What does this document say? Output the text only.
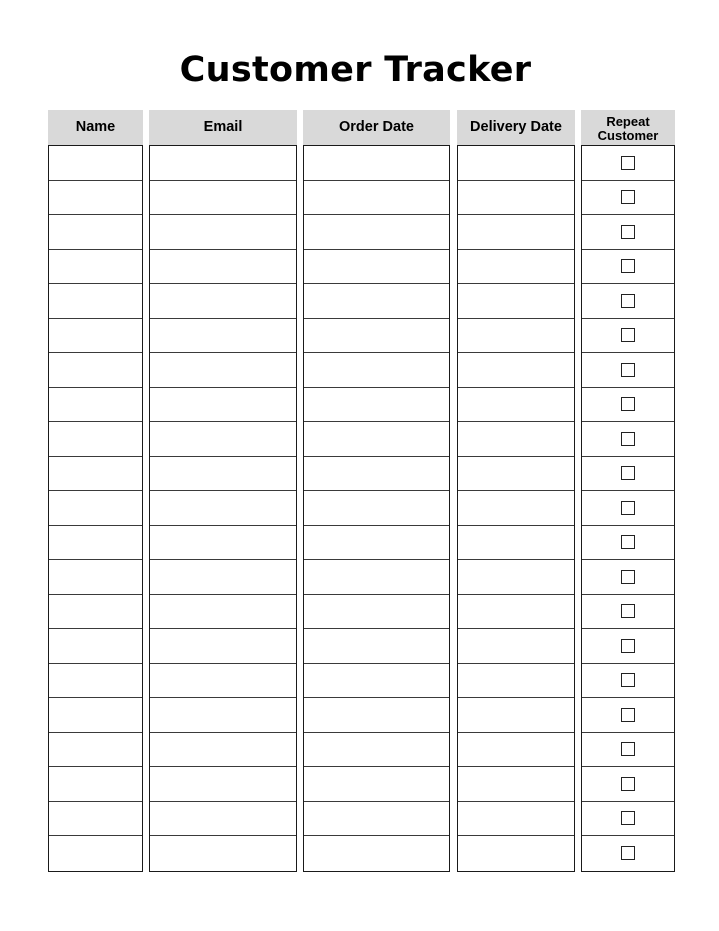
Customer Tracker
Name	Email	Order Date	Delivery Date	Repeat
Customer
